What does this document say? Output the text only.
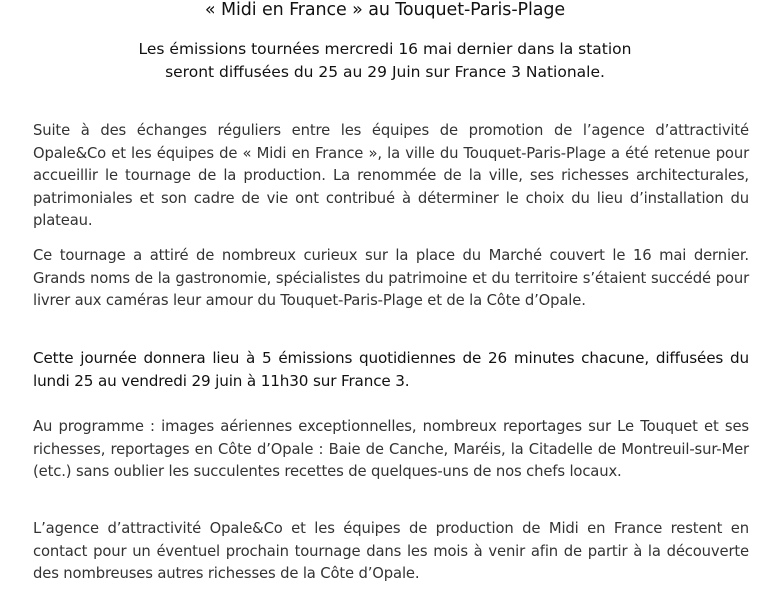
« Midi en France » au Touquet-Paris-Plage
Les émissions tournées mercredi 16 mai dernier dans la station
seront diffusées du 25 au 29 Juin sur France 3 Nationale.
Suite à des échanges réguliers entre les équipes de promotion de l’agence d’attractivité Opale&Co et les équipes de « Midi en France », la ville du Touquet-Paris-Plage a été retenue pour accueillir le tournage de la production. La renommée de la ville, ses richesses architecturales, patrimoniales et son cadre de vie ont contribué à déterminer le choix du lieu d’installation du plateau.
Ce tournage a attiré de nombreux curieux sur la place du Marché couvert le 16 mai dernier. Grands noms de la gastronomie, spécialistes du patrimoine et du territoire s’étaient succédé pour livrer aux caméras leur amour du Touquet-Paris-Plage et de la Côte d’Opale.
Cette journée donnera lieu à 5 émissions quotidiennes de 26 minutes chacune, diffusées du lundi 25 au vendredi 29 juin à 11h30 sur France 3.
Au programme : images aériennes exceptionnelles, nombreux reportages sur Le Touquet et ses richesses, reportages en Côte d’Opale : Baie de Canche, Maréis, la Citadelle de Montreuil-sur-Mer (etc.) sans oublier les succulentes recettes de quelques-uns de nos chefs locaux.
L’agence d’attractivité Opale&Co et les équipes de production de Midi en France restent en contact pour un éventuel prochain tournage dans les mois à venir afin de partir à la découverte des nombreuses autres richesses de la Côte d’Opale.
